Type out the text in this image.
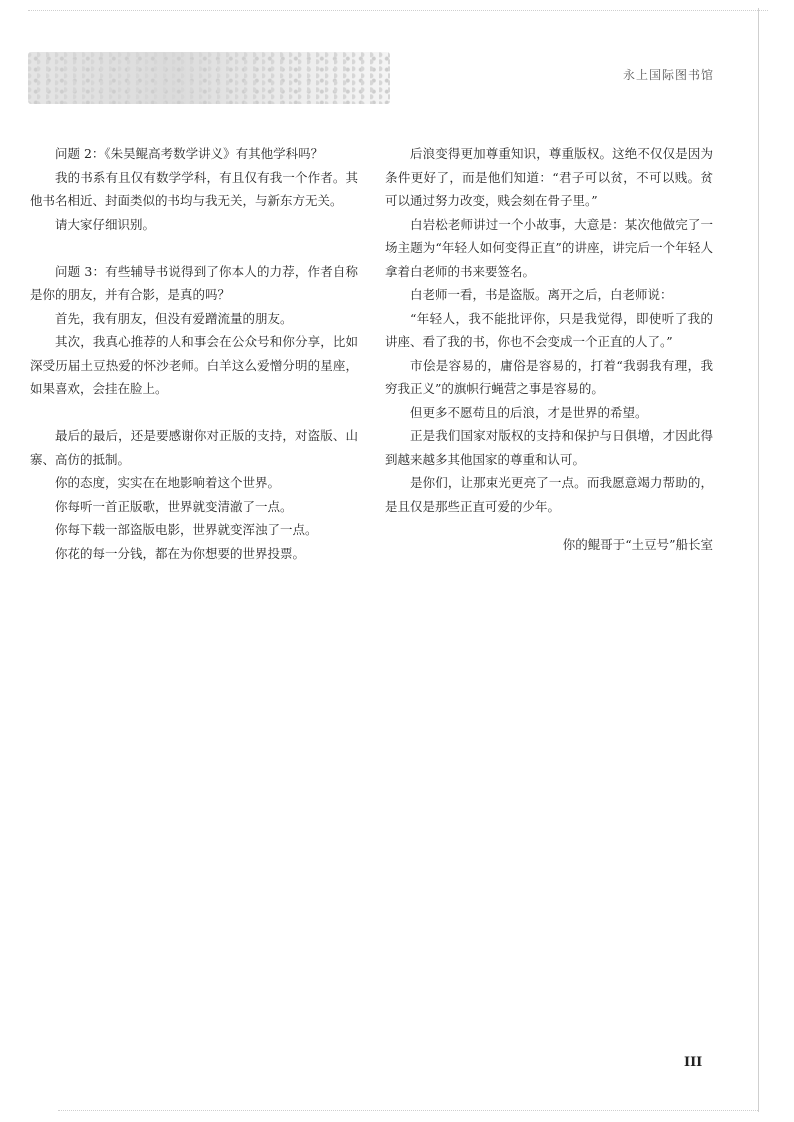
永上国际图书馆

问题 2：《朱昊鲲高考数学讲义》有其他学科吗？

我的书系有且仅有数学学科，有且仅有我一个作者。其他书名相近、封面类似的书均与我无关，与新东方无关。

请大家仔细识别。

问题 3：有些辅导书说得到了你本人的力荐，作者自称是你的朋友，并有合影，是真的吗？

首先，我有朋友，但没有爱蹭流量的朋友。

其次，我真心推荐的人和事会在公众号和你分享，比如深受历届土豆热爱的怀沙老师。白羊这么爱憎分明的星座，如果喜欢，会挂在脸上。

最后的最后，还是要感谢你对正版的支持，对盗版、山寨、高仿的抵制。

你的态度，实实在在地影响着这个世界。

你每听一首正版歌，世界就变清澈了一点。

你每下载一部盗版电影，世界就变浑浊了一点。

你花的每一分钱，都在为你想要的世界投票。

后浪变得更加尊重知识，尊重版权。这绝不仅仅是因为条件更好了，而是他们知道：“君子可以贫，不可以贱。贫可以通过努力改变，贱会刻在骨子里。”

白岩松老师讲过一个小故事，大意是：某次他做完了一场主题为“年轻人如何变得正直”的讲座，讲完后一个年轻人拿着白老师的书来要签名。

白老师一看，书是盗版。离开之后，白老师说：

“年轻人，我不能批评你，只是我觉得，即使听了我的讲座、看了我的书，你也不会变成一个正直的人了。”

市侩是容易的，庸俗是容易的，打着“我弱我有理，我穷我正义”的旗帜行蝇营之事是容易的。

但更多不愿苟且的后浪，才是世界的希望。

正是我们国家对版权的支持和保护与日俱增，才因此得到越来越多其他国家的尊重和认可。

是你们，让那束光更亮了一点。而我愿意竭力帮助的，是且仅是那些正直可爱的少年。

你的鲲哥于“土豆号”船长室

III
